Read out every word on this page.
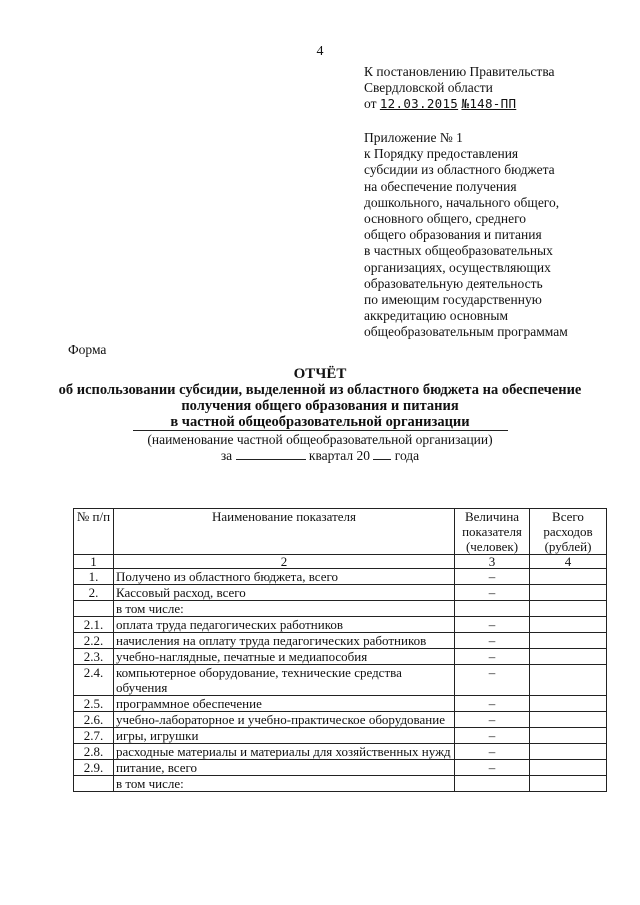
4
К постановлению Правительства
Свердловской области
от 12.03.2015 №148-ПП
Приложение № 1
к Порядку предоставления
субсидии из областного бюджета
на обеспечение получения
дошкольного, начального общего,
основного общего, среднего
общего образования и питания
в частных общеобразовательных
организациях, осуществляющих
образовательную деятельность
по имеющим государственную
аккредитацию основным
общеобразовательным программам
Форма
ОТЧЁТ
об использовании субсидии, выделенной из областного бюджета на обеспечение
получения общего образования и питания
в частной общеобразовательной организации
(наименование частной общеобразовательной организации)
за	квартал 20 года
№ п/п	Наименование показателя	Величина показателя (человек)	Всего расходов (рублей)
1	2	3	4
1.	Получено из областного бюджета, всего	–	
2.	Кассовый расход, всего	–	
	в том числе:		
2.1.	оплата труда педагогических работников	–	
2.2.	начисления на оплату труда педагогических работников	–	
2.3.	учебно-наглядные, печатные и медиапособия	–	
2.4.	компьютерное оборудование, технические средства обучения	–	
2.5.	программное обеспечение	–	
2.6.	учебно-лабораторное и учебно-практическое оборудование	–	
2.7.	игры, игрушки	–	
2.8.	расходные материалы и материалы для хозяйственных нужд	–	
2.9.	питание, всего	–	
	в том числе:		
